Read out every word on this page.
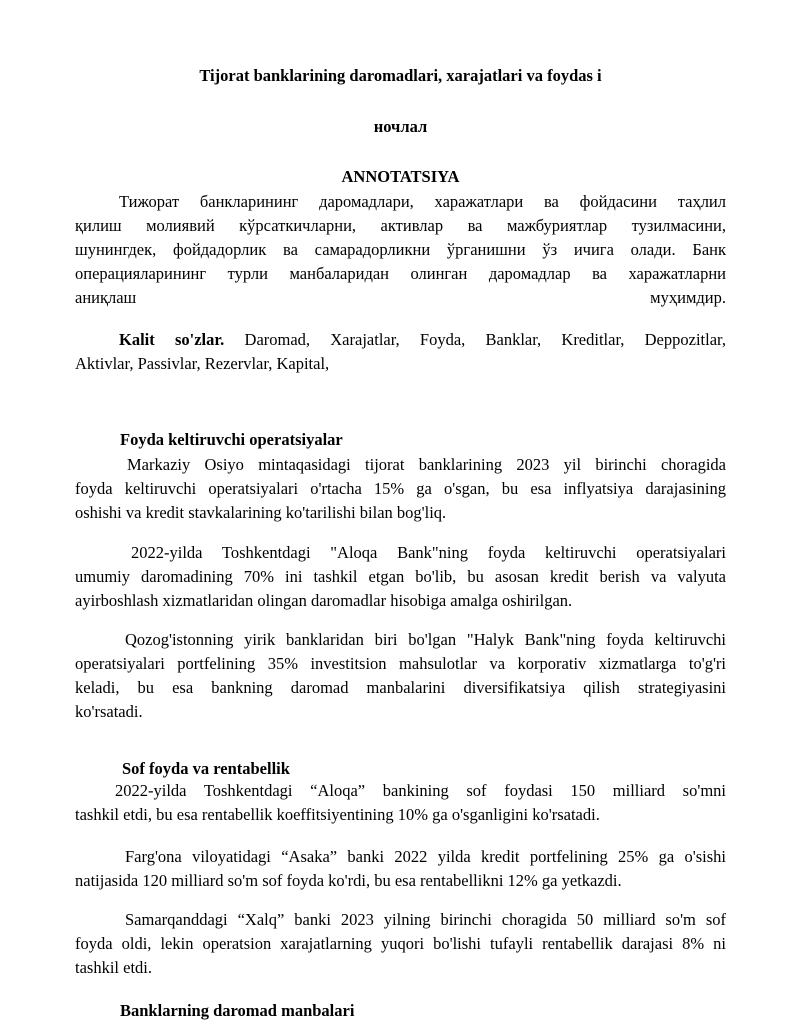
Tijorat banklarining daromadlari, xarajatlari va foydas i
ночлал
ANNOTATSIYA
Тижорат банкларининг даромадлари, харажатлари ва фойдасини таҳлил
қилиш молиявий кўрсаткичларни, активлар ва мажбуриятлар тузилмасини,
шунингдек, фойдадорлик ва самарадорликни ўрганишни ўз ичига олади. Банк
операцияларининг турли манбаларидан олинган даромадлар ва харажатларни
аниқлаш	муҳимдир.
Kalit so'zlar. Daromad, Xarajatlar, Foyda, Banklar, Kreditlar, Deppozitlar,
Aktivlar, Passivlar, Rezervlar, Kapital,
Foyda keltiruvchi operatsiyalar
Markaziy Osiyo mintaqasidagi tijorat banklarining 2023 yil birinchi choragida
foyda keltiruvchi operatsiyalari o'rtacha 15% ga o'sgan, bu esa inflyatsiya darajasining
oshishi va kredit stavkalarining ko'tarilishi bilan bog'liq.
2022-yilda Toshkentdagi "Aloqa Bank"ning foyda keltiruvchi operatsiyalari
umumiy daromadining 70% ini tashkil etgan bo'lib, bu asosan kredit berish va valyuta
ayirboshlash xizmatlaridan olingan daromadlar hisobiga amalga oshirilgan.
Qozog'istonning yirik banklaridan biri bo'lgan "Halyk Bank"ning foyda keltiruvchi
operatsiyalari portfelining 35% investitsion mahsulotlar va korporativ xizmatlarga to'g'ri
keladi, bu esa bankning daromad manbalarini diversifikatsiya qilish strategiyasini
ko'rsatadi.
Sof foyda va rentabellik
2022-yilda Toshkentdagi “Aloqa” bankining sof foydasi 150 milliard so'mni
tashkil etdi, bu esa rentabellik koeffitsiyentining 10% ga o'sganligini ko'rsatadi.
Farg'ona viloyatidagi “Asaka” banki 2022 yilda kredit portfelining 25% ga o'sishi
natijasida 120 milliard so'm sof foyda ko'rdi, bu esa rentabellikni 12% ga yetkazdi.
Samarqanddagi “Xalq” banki 2023 yilning birinchi choragida 50 milliard so'm sof
foyda oldi, lekin operatsion xarajatlarning yuqori bo'lishi tufayli rentabellik darajasi 8% ni
tashkil etdi.
Banklarning daromad manbalari
